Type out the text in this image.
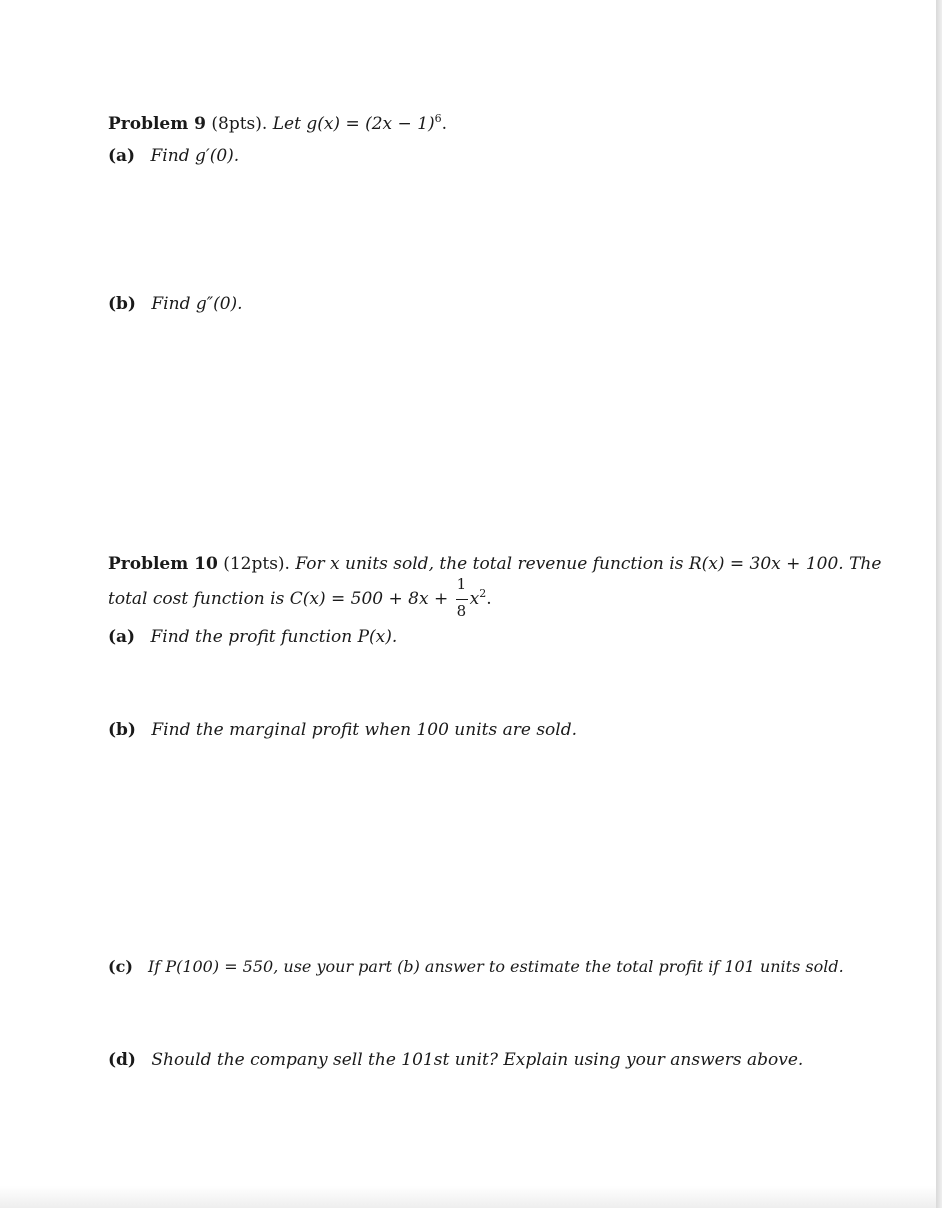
Problem 9 (8pts). Let $g(x) = (2x - 1)^6$.
(a) Find g′(0).
(b) Find g″(0).
Problem 10 (12pts). For x units sold, the total revenue function is R(x) = 30x + 100. The
total cost function is $C(x) = 500 + 8x + \frac{1}{8} x^2$.
(a) Find the profit function P(x).
(b) Find the marginal profit when 100 units are sold.
(c) If P(100) = 550, use your part (b) answer to estimate the total profit if 101 units sold.
(d) Should the company sell the 101st unit? Explain using your answers above.
